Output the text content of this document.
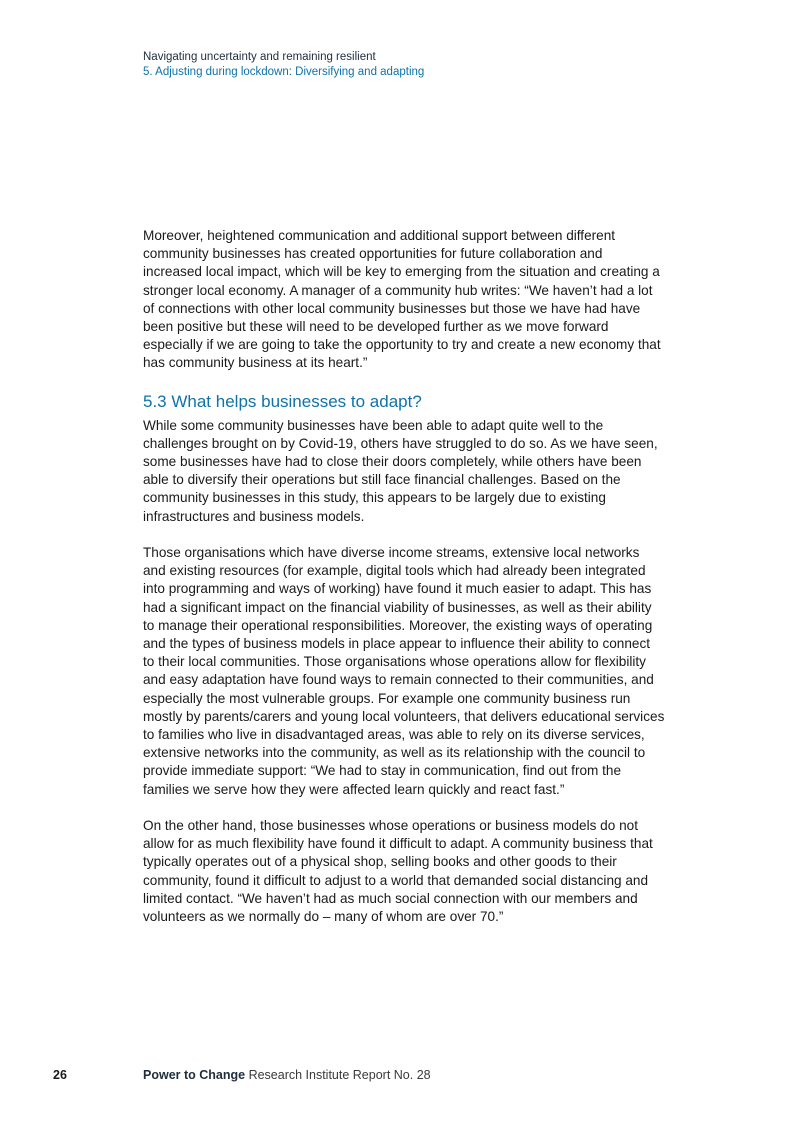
Navigating uncertainty and remaining resilient
5. Adjusting during lockdown: Diversifying and adapting

Moreover, heightened communication and additional support between different community businesses has created opportunities for future collaboration and increased local impact, which will be key to emerging from the situation and creating a stronger local economy. A manager of a community hub writes: “We haven’t had a lot of connections with other local community businesses but those we have had have been positive but these will need to be developed further as we move forward especially if we are going to take the opportunity to try and create a new economy that has community business at its heart.”

5.3 What helps businesses to adapt?

While some community businesses have been able to adapt quite well to the challenges brought on by Covid-19, others have struggled to do so. As we have seen, some businesses have had to close their doors completely, while others have been able to diversify their operations but still face financial challenges. Based on the community businesses in this study, this appears to be largely due to existing infrastructures and business models.

Those organisations which have diverse income streams, extensive local networks and existing resources (for example, digital tools which had already been integrated into programming and ways of working) have found it much easier to adapt. This has had a significant impact on the financial viability of businesses, as well as their ability to manage their operational responsibilities. Moreover, the existing ways of operating and the types of business models in place appear to influence their ability to connect to their local communities. Those organisations whose operations allow for flexibility and easy adaptation have found ways to remain connected to their communities, and especially the most vulnerable groups. For example one community business run mostly by parents/carers and young local volunteers, that delivers educational services to families who live in disadvantaged areas, was able to rely on its diverse services, extensive networks into the community, as well as its relationship with the council to provide immediate support: “We had to stay in communication, find out from the families we serve how they were affected learn quickly and react fast.”

On the other hand, those businesses whose operations or business models do not allow for as much flexibility have found it difficult to adapt. A community business that typically operates out of a physical shop, selling books and other goods to their community, found it difficult to adjust to a world that demanded social distancing and limited contact. “We haven’t had as much social connection with our members and volunteers as we normally do – many of whom are over 70.”

26	Power to Change Research Institute Report No. 28
